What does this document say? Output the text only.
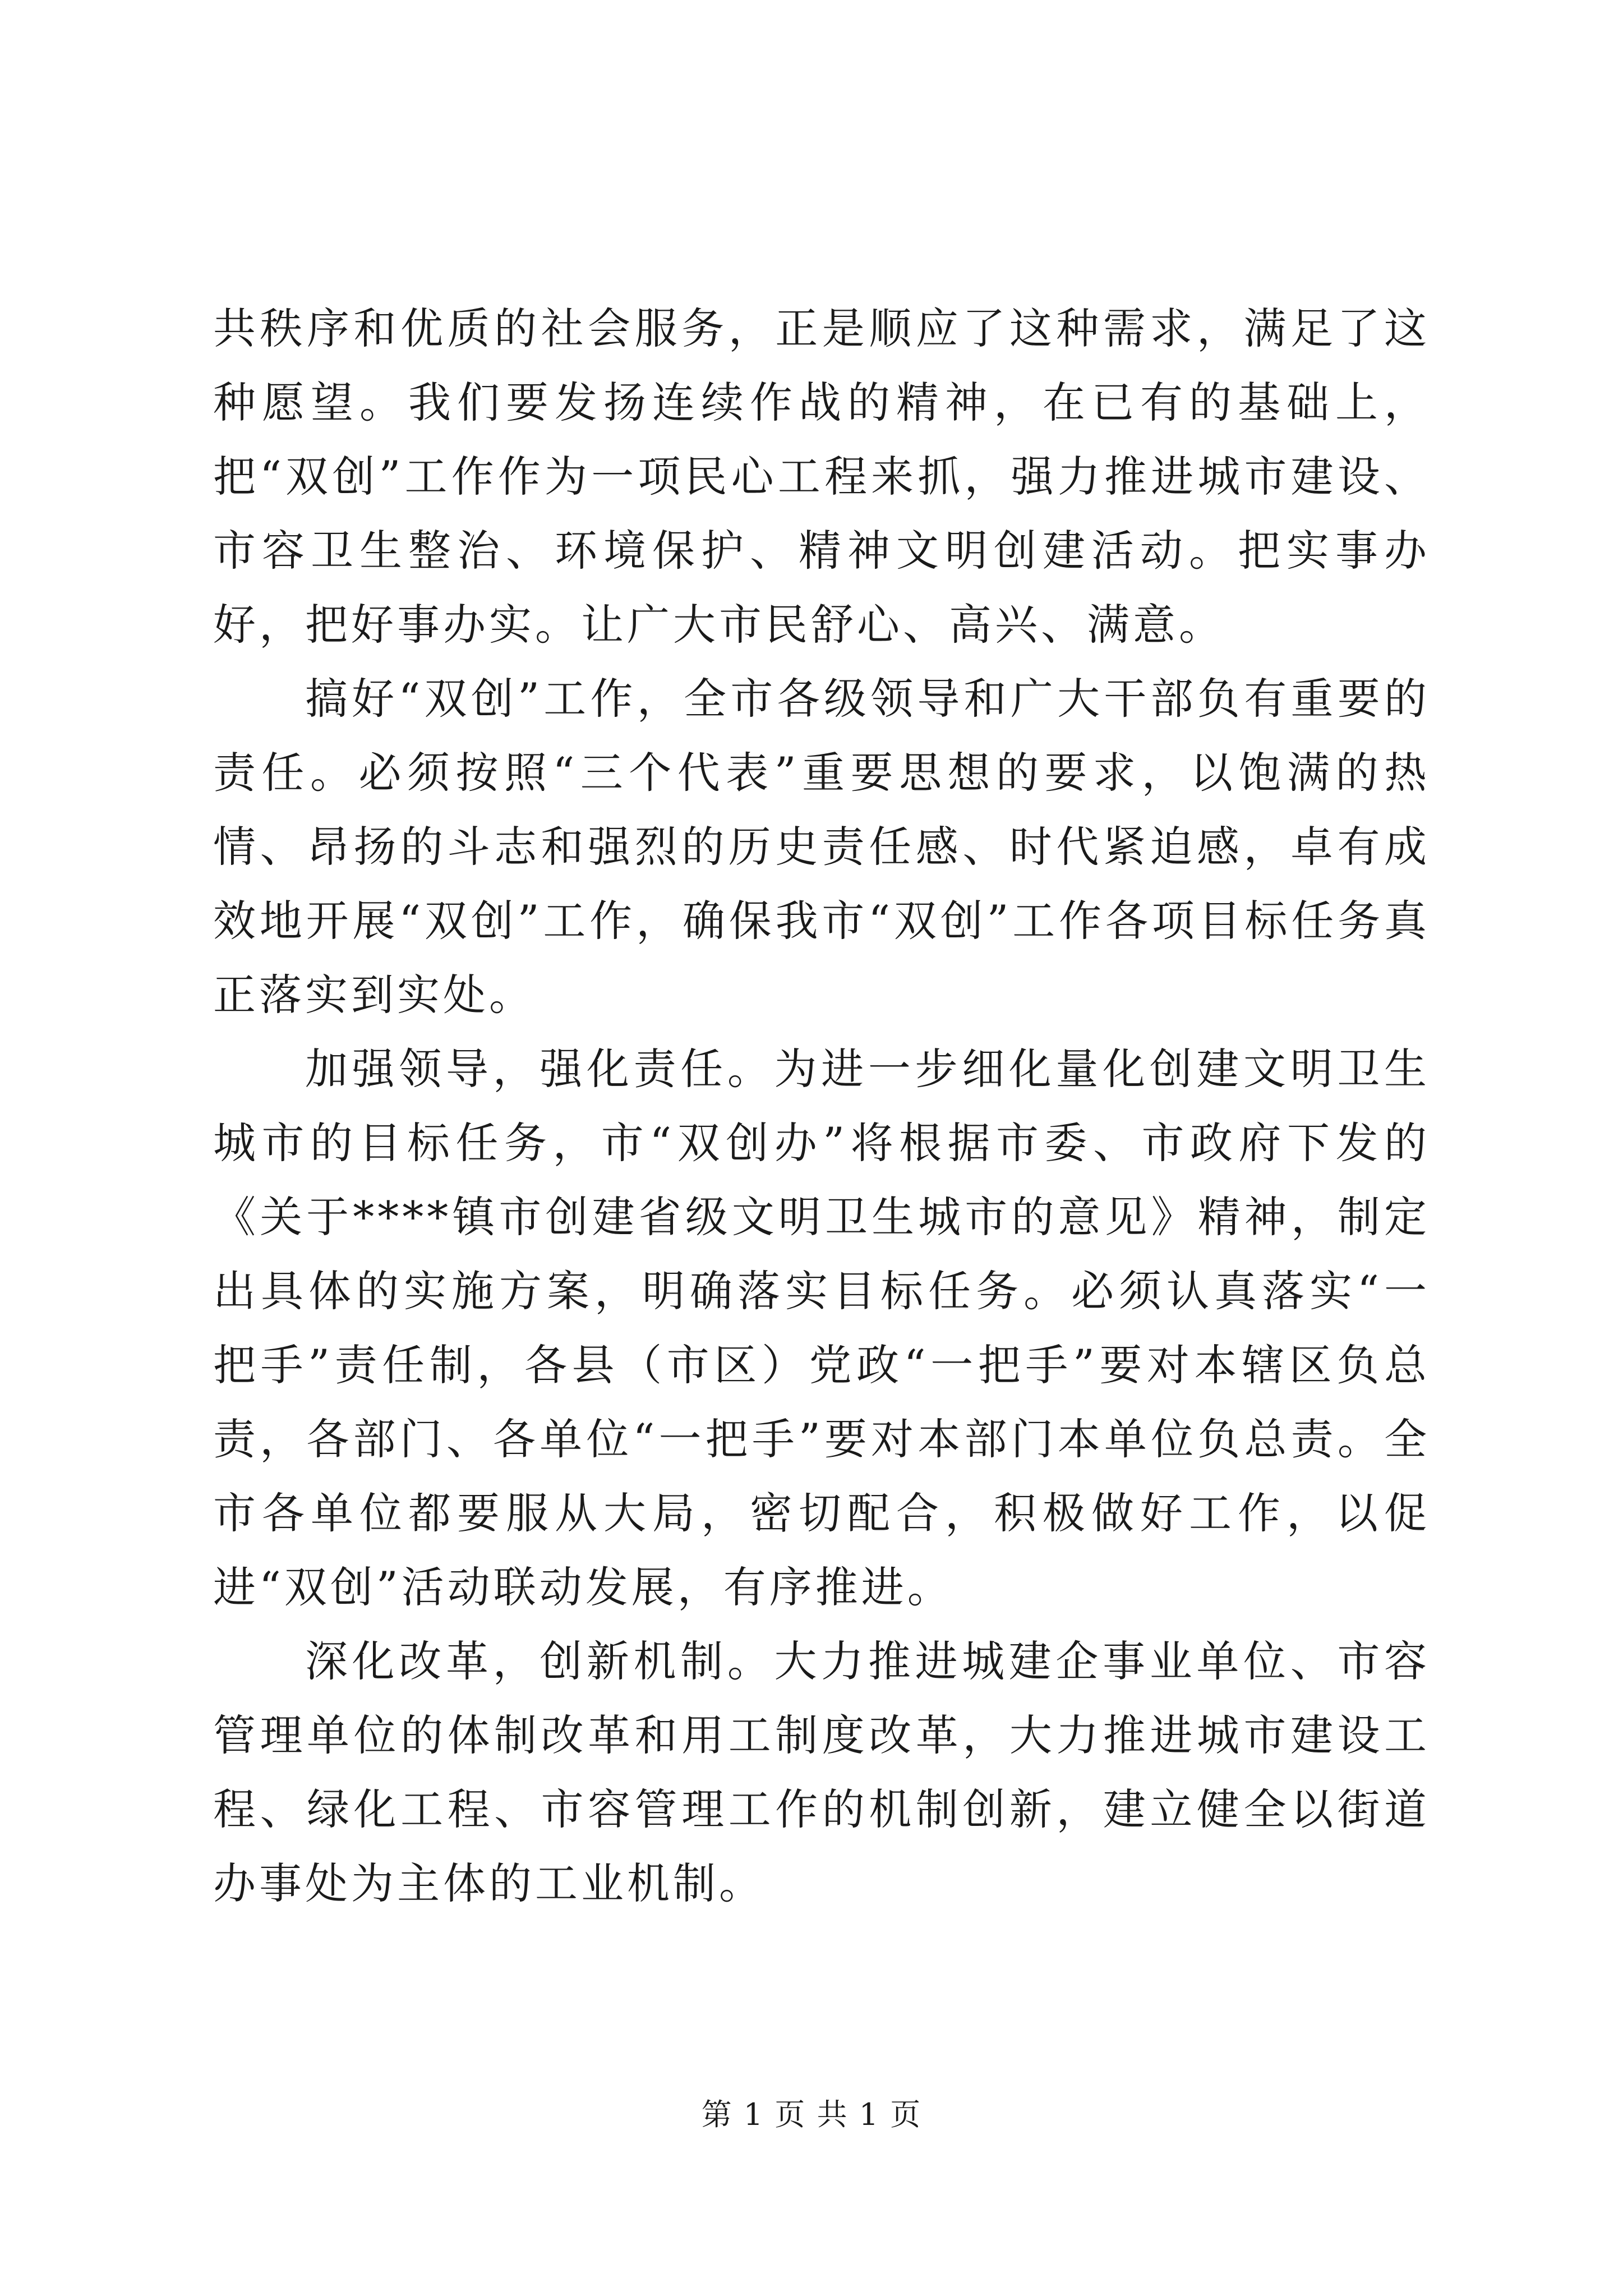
共秩序和优质的社会服务，正是顺应了这种需求，满足了这种愿望。我们要发扬连续作战的精神，在已有的基础上，把“双创”工作作为一项民心工程来抓，强力推进城市建设、市容卫生整治、环境保护、精神文明创建活动。把实事办好，把好事办实。让广大市民舒心、高兴、满意。

搞好“双创”工作，全市各级领导和广大干部负有重要的责任。必须按照“三个代表”重要思想的要求，以饱满的热情、昂扬的斗志和强烈的历史责任感、时代紧迫感，卓有成效地开展“双创”工作，确保我市“双创”工作各项目标任务真正落实到实处。

加强领导，强化责任。为进一步细化量化创建文明卫生城市的目标任务，市“双创办”将根据市委、市政府下发的《关于****镇市创建省级文明卫生城市的意见》精神，制定出具体的实施方案，明确落实目标任务。必须认真落实“一把手”责任制，各县（市区）党政“一把手”要对本辖区负总责，各部门、各单位“一把手”要对本部门本单位负总责。全市各单位都要服从大局，密切配合，积极做好工作，以促进“双创”活动联动发展，有序推进。

深化改革，创新机制。大力推进城建企事业单位、市容管理单位的体制改革和用工制度改革，大力推进城市建设工程、绿化工程、市容管理工作的机制创新，建立健全以街道办事处为主体的工业机制。

第 1 页 共 1 页
